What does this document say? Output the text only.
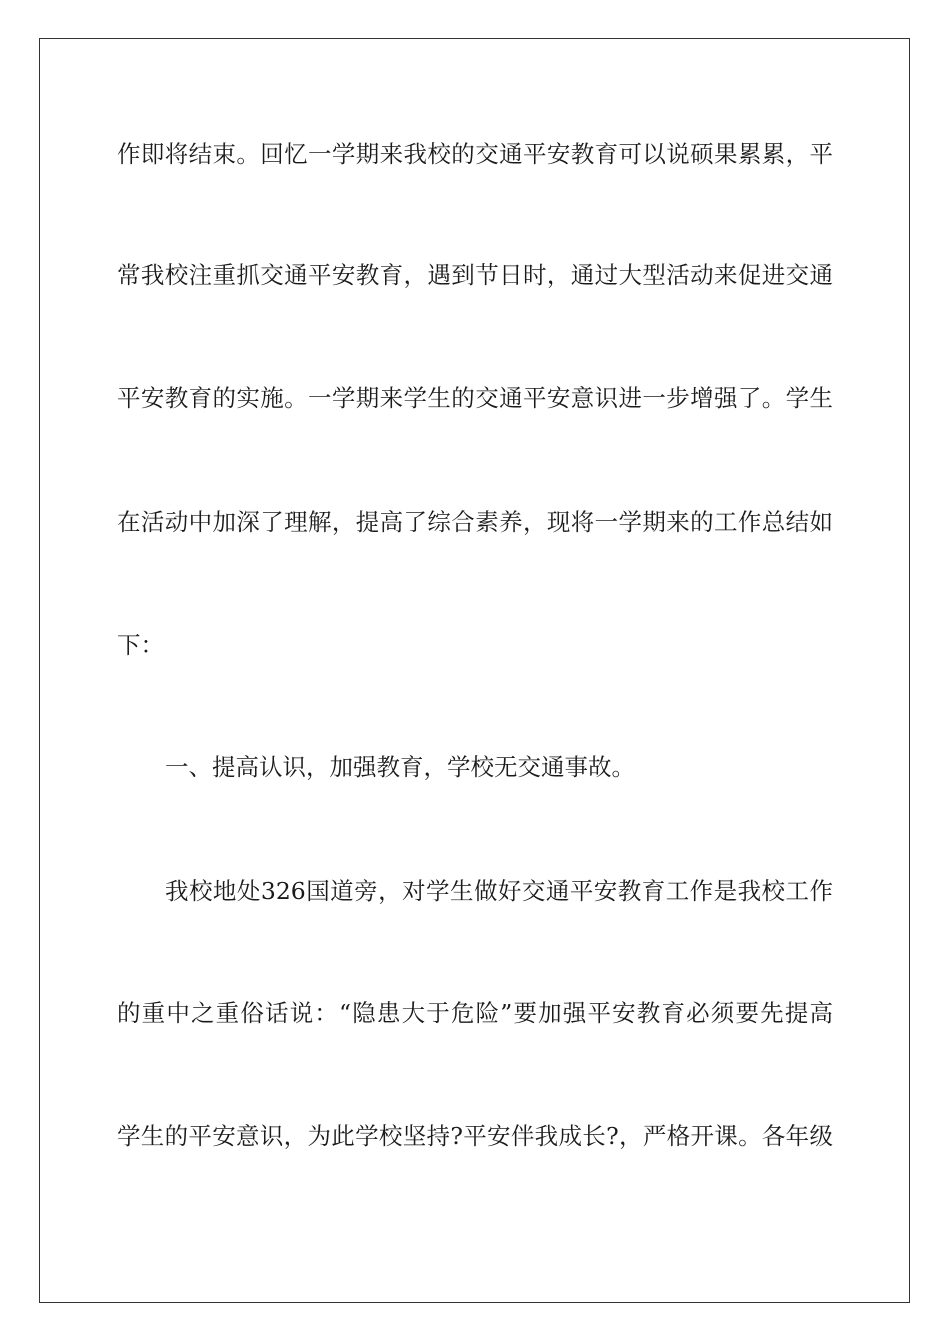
作即将结束。回忆一学期来我校的交通平安教育可以说硕果累累，平
常我校注重抓交通平安教育，遇到节日时，通过大型活动来促进交通
平安教育的实施。一学期来学生的交通平安意识进一步增强了。学生
在活动中加深了理解，提高了综合素养，现将一学期来的工作总结如
下：
一、提高认识，加强教育，学校无交通事故。
我校地处326国道旁，对学生做好交通平安教育工作是我校工作
的重中之重俗话说：“隐患大于危险”要加强平安教育必须要先提高
学生的平安意识，为此学校坚持?平安伴我成长?，严格开课。各年级
